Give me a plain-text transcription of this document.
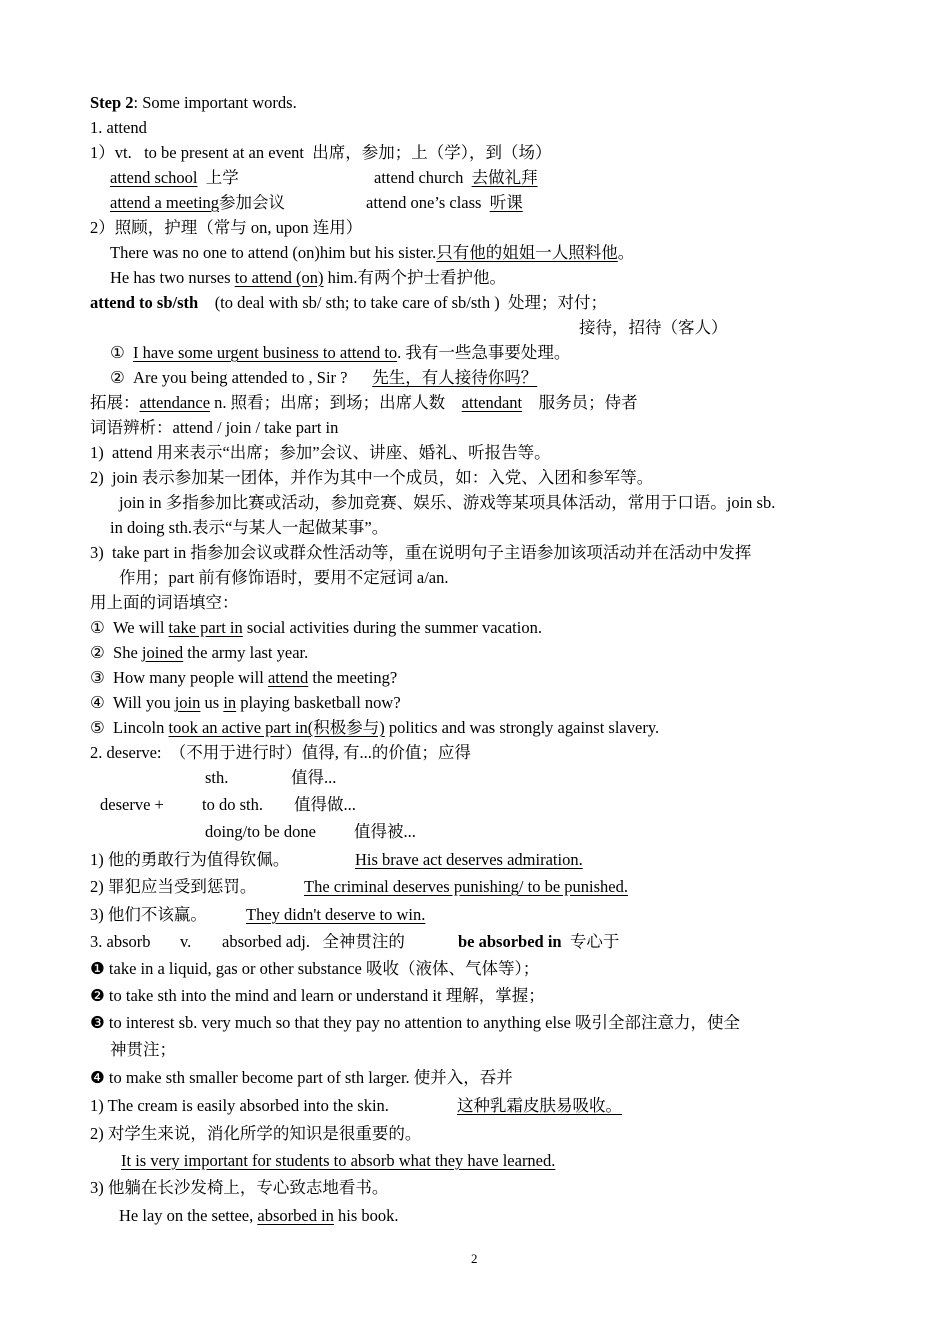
Step 2: Some important words.
1. attend
1）vt. to be present at an event 出席，参加；上（学），到（场）
attend school 上学	attend church 去做礼拜
attend a meeting参加会议	attend one’s class 听课
2）照顾，护理（常与 on, upon 连用）
There was no one to attend (on)him but his sister.只有他的姐姐一人照料他。
He has two nurses to attend (on) him.有两个护士看护他。
attend to sb/sth (to deal with sb/ sth; to take care of sb/sth ) 处理；对付；
接待，招待（客人）
① I have some urgent business to attend to. 我有一些急事要处理。
② Are you being attended to , Sir ? 先生，有人接待你吗？
拓展：attendance n. 照看；出席；到场；出席人数 attendant 服务员；侍者
词语辨析：attend / join / take part in
1) attend 用来表示“出席；参加”会议、讲座、婚礼、听报告等。
2) join 表示参加某一团体，并作为其中一个成员，如：入党、入团和参军等。
join in 多指参加比赛或活动，参加竞赛、娱乐、游戏等某项具体活动，常用于口语。join sb.
in doing sth.表示“与某人一起做某事”。
3) take part in 指参加会议或群众性活动等，重在说明句子主语参加该项活动并在活动中发挥
作用；part 前有修饰语时，要用不定冠词 a/an.
用上面的词语填空：
① We will take part in social activities during the summer vacation.
② She joined the army last year.
③ How many people will attend the meeting?
④ Will you join us in playing basketball now?
⑤ Lincoln took an active part in(积极参与) politics and was strongly against slavery.
2. deserve: （不用于进行时）值得, 有...的价值；应得
sth.	值得...
deserve + to do sth. 值得做...
doing/to be done 值得被...
1) 他的勇敢行为值得钦佩。	His brave act deserves admiration.
2) 罪犯应当受到惩罚。	The criminal deserves punishing/ to be punished.
3) 他们不该赢。 They didn't deserve to win.
3. absorb v. absorbed adj. 全神贯注的	be absorbed in 专心于
❶ take in a liquid, gas or other substance 吸收（液体、气体等）；
❷ to take sth into the mind and learn or understand it 理解，掌握；
❸ to interest sb. very much so that they pay no attention to anything else 吸引全部注意力，使全
神贯注；
❹ to make sth smaller become part of sth larger. 使并入，吞并
1) The cream is easily absorbed into the skin.	这种乳霜皮肤易吸收。
2) 对学生来说，消化所学的知识是很重要的。
It is very important for students to absorb what they have learned.
3) 他躺在长沙发椅上，专心致志地看书。
He lay on the settee, absorbed in his book.
2
